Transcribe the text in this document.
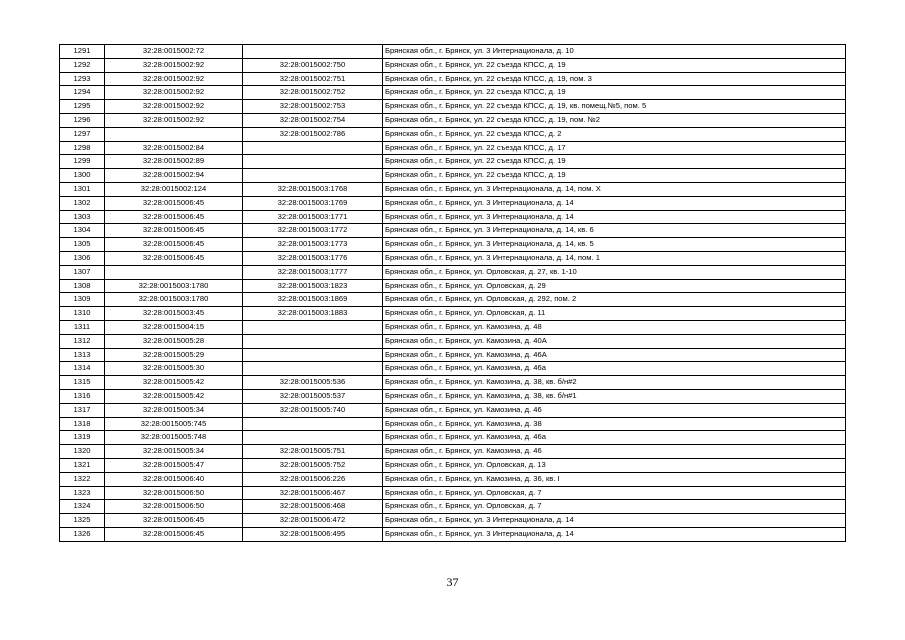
1291	32:28:0015002:72		Брянская обл., г. Брянск, ул. 3 Интернационала, д. 10
1292	32:28:0015002:92	32:28:0015002:750	Брянская обл., г. Брянск, ул. 22 съезда КПСС, д. 19
1293	32:28:0015002:92	32:28:0015002:751	Брянская обл., г. Брянск, ул. 22 съезда КПСС, д. 19, пом. 3
1294	32:28:0015002:92	32:28:0015002:752	Брянская обл., г. Брянск, ул. 22 съезда КПСС, д. 19
1295	32:28:0015002:92	32:28:0015002:753	Брянская обл., г. Брянск, ул. 22 съезда КПСС, д. 19, кв. помещ.№5, пом. 5
1296	32:28:0015002:92	32:28:0015002:754	Брянская обл., г. Брянск, ул. 22 съезда КПСС, д. 19, пом. №2
1297		32:28:0015002:786	Брянская обл., г. Брянск, ул. 22 съезда КПСС, д. 2
1298	32:28:0015002:84		Брянская обл., г. Брянск, ул. 22 съезда КПСС, д. 17
1299	32:28:0015002:89		Брянская обл., г. Брянск, ул. 22 съезда КПСС, д. 19
1300	32:28:0015002:94		Брянская обл., г. Брянск, ул. 22 съезда КПСС, д. 19
1301	32:28:0015002:124	32:28:0015003:1768	Брянская обл., г. Брянск, ул. 3 Интернационала, д. 14, пом. X
1302	32:28:0015006:45	32:28:0015003:1769	Брянская обл., г. Брянск, ул. 3 Интернационала, д. 14
1303	32:28:0015006:45	32:28:0015003:1771	Брянская обл., г. Брянск, ул. 3 Интернационала, д. 14
1304	32:28:0015006:45	32:28:0015003:1772	Брянская обл., г. Брянск, ул. 3 Интернационала, д. 14, кв. 6
1305	32:28:0015006:45	32:28:0015003:1773	Брянская обл., г. Брянск, ул. 3 Интернационала, д. 14, кв. 5
1306	32:28:0015006:45	32:28:0015003:1776	Брянская обл., г. Брянск, ул. 3 Интернационала, д. 14, пом. 1
1307		32:28:0015003:1777	Брянская обл., г. Брянск, ул. Орловская, д. 27, кв. 1-10
1308	32:28:0015003:1780	32:28:0015003:1823	Брянская обл., г. Брянск, ул. Орловская, д. 29
1309	32:28:0015003:1780	32:28:0015003:1869	Брянская обл., г. Брянск, ул. Орловская, д. 292, пом. 2
1310	32:28:0015003:45	32:28:0015003:1883	Брянская обл., г. Брянск, ул. Орловская, д. 11
1311	32:28:0015004:15		Брянская обл., г. Брянск, ул. Камозина, д. 48
1312	32:28:0015005:28		Брянская обл., г. Брянск, ул. Камозина, д. 40А
1313	32:28:0015005:29		Брянская обл., г. Брянск, ул. Камозина, д. 46А
1314	32:28:0015005:30		Брянская обл., г. Брянск, ул. Камозина, д. 46а
1315	32:28:0015005:42	32:28:0015005:536	Брянская обл., г. Брянск, ул. Камозина, д. 38, кв. б/н#2
1316	32:28:0015005:42	32:28:0015005:537	Брянская обл., г. Брянск, ул. Камозина, д. 38, кв. б/н#1
1317	32:28:0015005:34	32:28:0015005:740	Брянская обл., г. Брянск, ул. Камозина, д. 46
1318	32:28:0015005:745		Брянская обл., г. Брянск, ул. Камозина, д. 38
1319	32:28:0015005:748		Брянская обл., г. Брянск, ул. Камозина, д. 46а
1320	32:28:0015005:34	32:28:0015005:751	Брянская обл., г. Брянск, ул. Камозина, д. 46
1321	32:28:0015005:47	32:28:0015005:752	Брянская обл., г. Брянск, ул. Орловская, д. 13
1322	32:28:0015006:40	32:28:0015006:226	Брянская обл., г. Брянск, ул. Камозина, д. 36, кв. I
1323	32:28:0015006:50	32:28:0015006:467	Брянская обл., г. Брянск, ул. Орловская, д. 7
1324	32:28:0015006:50	32:28:0015006:468	Брянская обл., г. Брянск, ул. Орловская, д. 7
1325	32:28:0015006:45	32:28:0015006:472	Брянская обл., г. Брянск, ул. 3 Интернационала, д. 14
1326	32:28:0015006:45	32:28:0015006:495	Брянская обл., г. Брянск, ул. 3 Интернационала, д. 14
37
